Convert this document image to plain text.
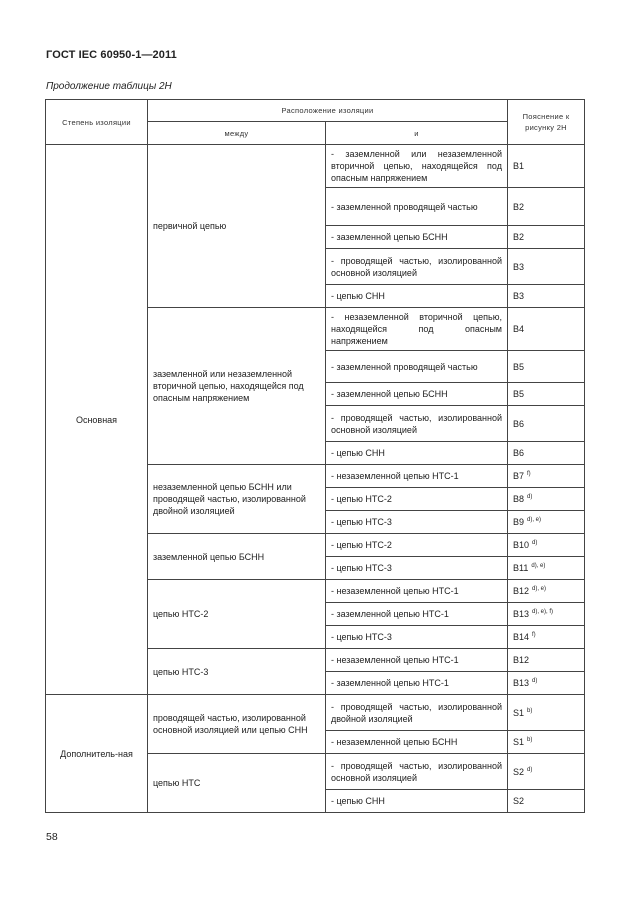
ГОСТ IEC 60950-1—2011
Продолжение таблицы 2Н
Степень изоляции	Расположение изоляции		Пояснение к рисунку 2Н
	между	и	
Основная	первичной цепью	- заземленной или незаземленной вторичной цепью, находящейся под опасным напряжением	B1
		- заземленной проводящей частью	B2
		- заземленной цепью БСНН	B2
		- проводящей частью, изолированной основной изоляцией	B3
		- цепью СНН	B3
	заземленной или незаземленной вторичной цепью, находящейся под опасным напряжением	- незаземленной вторичной цепью, находящейся под опасным напряжением	B4
		- заземленной проводящей частью	B5
		- заземленной цепью БСНН	B5
		- проводящей частью, изолированной основной изоляцией	B6
		- цепью СНН	B6
	незаземленной цепью БСНН или проводящей частью, изолированной двойной изоляцией	- незаземленной цепью НТС-1	B7 $^{f)}$
		- цепью НТС-2	B8 $^{d)}$
		- цепью НТС-3	B9 $^{d), e)}$
	заземленной цепью БСНН	- цепью НТС-2	B10 $^{d)}$
		- цепью НТС-3	B11 $^{d), e)}$
	цепью НТС-2	- незаземленной цепью НТС-1	B12 $^{d), e)}$
		- заземленной цепью НТС-1	B13 $^{d), e), f)}$
		- цепью НТС-3	B14 $^{f)}$
	цепью НТС-3	- незаземленной цепью НТС-1	B12
		- заземленной цепью НТС-1	B13 $^{d)}$
Дополнитель-ная	проводящей частью, изолированной основной изоляцией или цепью СНН	- проводящей частью, изолированной двойной изоляцией	S1 $^{b)}$
		- незаземленной цепью БСНН	S1 $^{b)}$
	цепью НТС	- проводящей частью, изолированной основной изоляцией	S2 $^{d)}$
		- цепью СНН	S2
58
